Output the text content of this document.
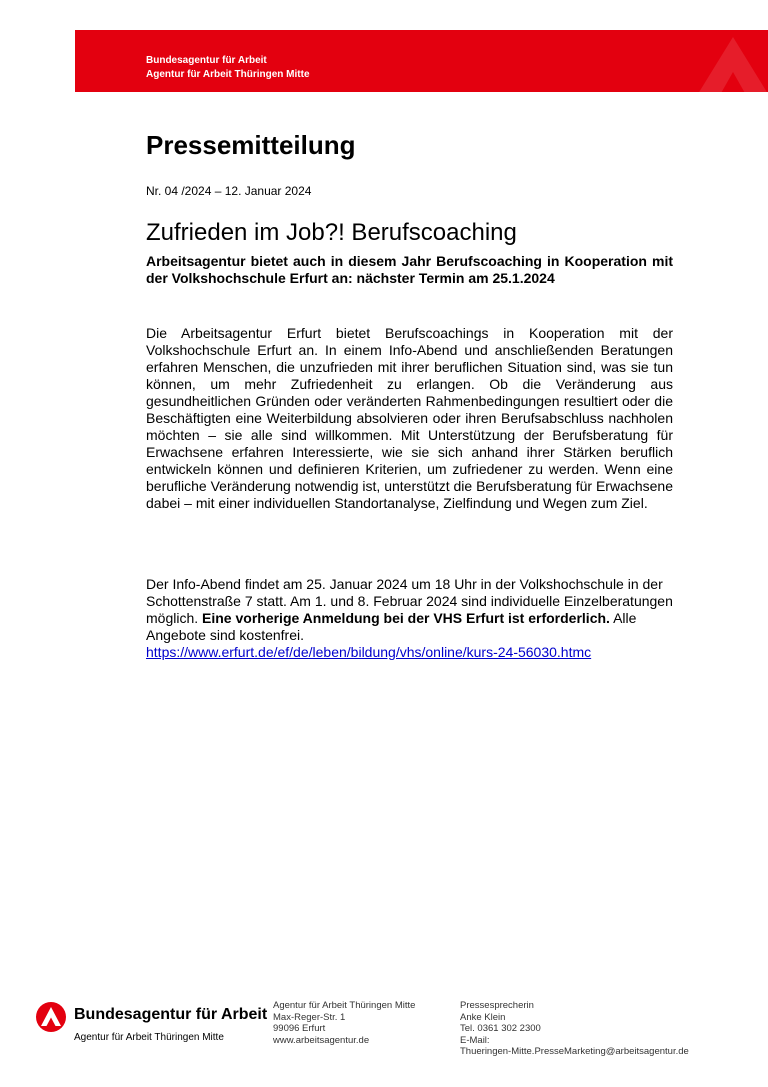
Bundesagentur für Arbeit
Agentur für Arbeit Thüringen Mitte
Pressemitteilung
Nr. 04 /2024 – 12. Januar 2024
Zufrieden im Job?! Berufscoaching
Arbeitsagentur bietet auch in diesem Jahr Berufscoaching in Kooperation mit der Volkshochschule Erfurt an: nächster Termin am 25.1.2024
Die Arbeitsagentur Erfurt bietet Berufscoachings in Kooperation mit der Volkshochschule Erfurt an. In einem Info-Abend und anschließenden Beratungen erfahren Menschen, die unzufrieden mit ihrer beruflichen Situation sind, was sie tun können, um mehr Zufriedenheit zu erlangen. Ob die Veränderung aus gesundheitlichen Gründen oder veränderten Rahmenbedingungen resultiert oder die Beschäftigten eine Weiterbildung absolvieren oder ihren Berufsabschluss nachholen möchten – sie alle sind willkommen. Mit Unterstützung der Berufsberatung für Erwachsene erfahren Interessierte, wie sie sich anhand ihrer Stärken beruflich entwickeln können und definieren Kriterien, um zufriedener zu werden. Wenn eine berufliche Veränderung notwendig ist, unterstützt die Berufsberatung für Erwachsene dabei – mit einer individuellen Standortanalyse, Zielfindung und Wegen zum Ziel.
Der Info-Abend findet am 25. Januar 2024 um 18 Uhr in der Volkshochschule in der Schottenstraße 7 statt. Am 1. und 8. Februar 2024 sind individuelle Einzelberatungen möglich. Eine vorherige Anmeldung bei der VHS Erfurt ist erforderlich. Alle Angebote sind kostenfrei.
https://www.erfurt.de/ef/de/leben/bildung/vhs/online/kurs-24-56030.htmc
Bundesagentur für Arbeit
Agentur für Arbeit Thüringen Mitte
Agentur für Arbeit Thüringen Mitte
Max-Reger-Str. 1
99096 Erfurt
www.arbeitsagentur.de
Pressesprecherin
Anke Klein
Tel. 0361 302 2300
E-Mail:
Thueringen-Mitte.PresseMarketing@arbeitsagentur.de
